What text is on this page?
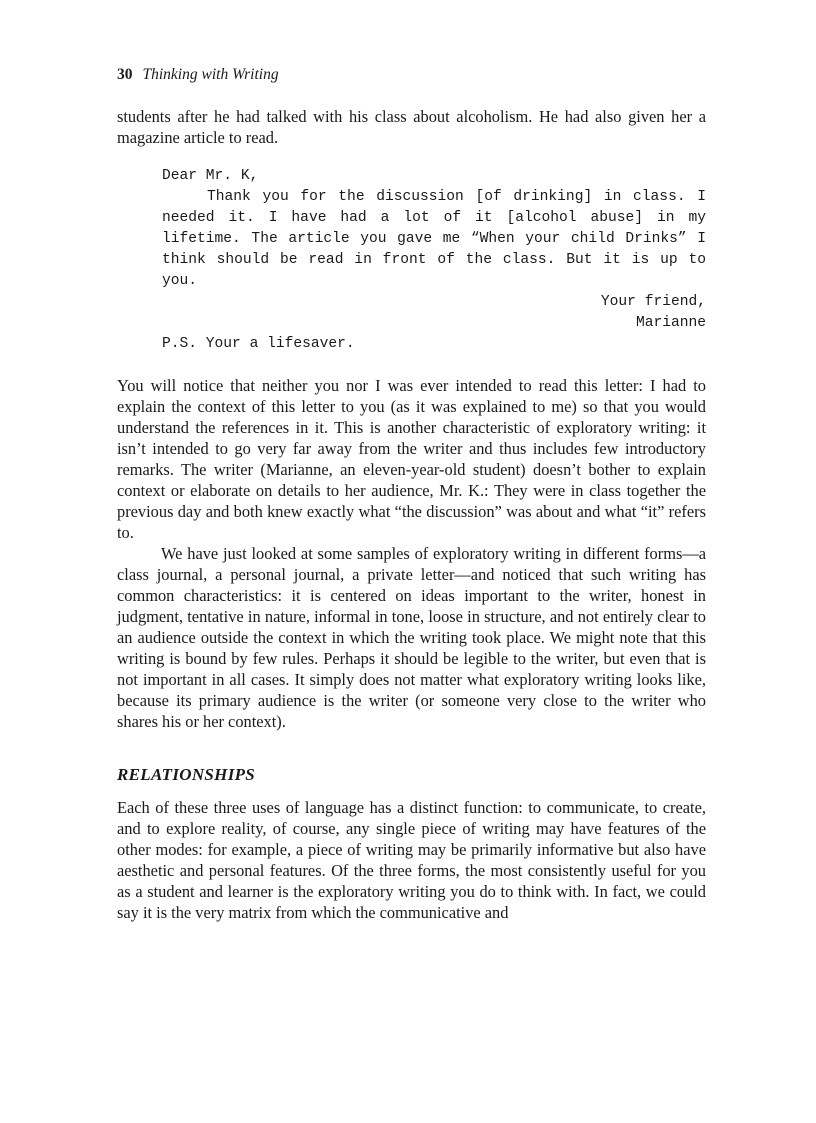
30 Thinking with Writing

students after he had talked with his class about alcoholism. He had also given her a magazine article to read.

Dear Mr. K,

Thank you for the discussion [of drinking] in class. I needed it. I have had a lot of it [alcohol abuse] in my lifetime. The article you gave me “When your child Drinks” I think should be read in front of the class. But it is up to you.

Your friend,

Marianne

P.S. Your a lifesaver.

You will notice that neither you nor I was ever intended to read this letter: I had to explain the context of this letter to you (as it was explained to me) so that you would understand the references in it. This is another characteristic of exploratory writing: it isn’t intended to go very far away from the writer and thus includes few introductory remarks. The writer (Marianne, an eleven-year-old student) doesn’t bother to explain context or elaborate on details to her audience, Mr. K.: They were in class together the previous day and both knew exactly what “the discussion” was about and what “it” refers to.

We have just looked at some samples of exploratory writing in different forms—a class journal, a personal journal, a private letter—and noticed that such writing has common characteristics: it is centered on ideas important to the writer, honest in judgment, tentative in nature, informal in tone, loose in structure, and not entirely clear to an audience outside the context in which the writing took place. We might note that this writing is bound by few rules. Perhaps it should be legible to the writer, but even that is not important in all cases. It simply does not matter what exploratory writing looks like, because its primary audience is the writer (or someone very close to the writer who shares his or her context).

RELATIONSHIPS

Each of these three uses of language has a distinct function: to communicate, to create, and to explore reality, of course, any single piece of writing may have features of the other modes: for example, a piece of writing may be primarily informative but also have aesthetic and personal features. Of the three forms, the most consistently useful for you as a student and learner is the exploratory writing you do to think with. In fact, we could say it is the very matrix from which the communicative and
